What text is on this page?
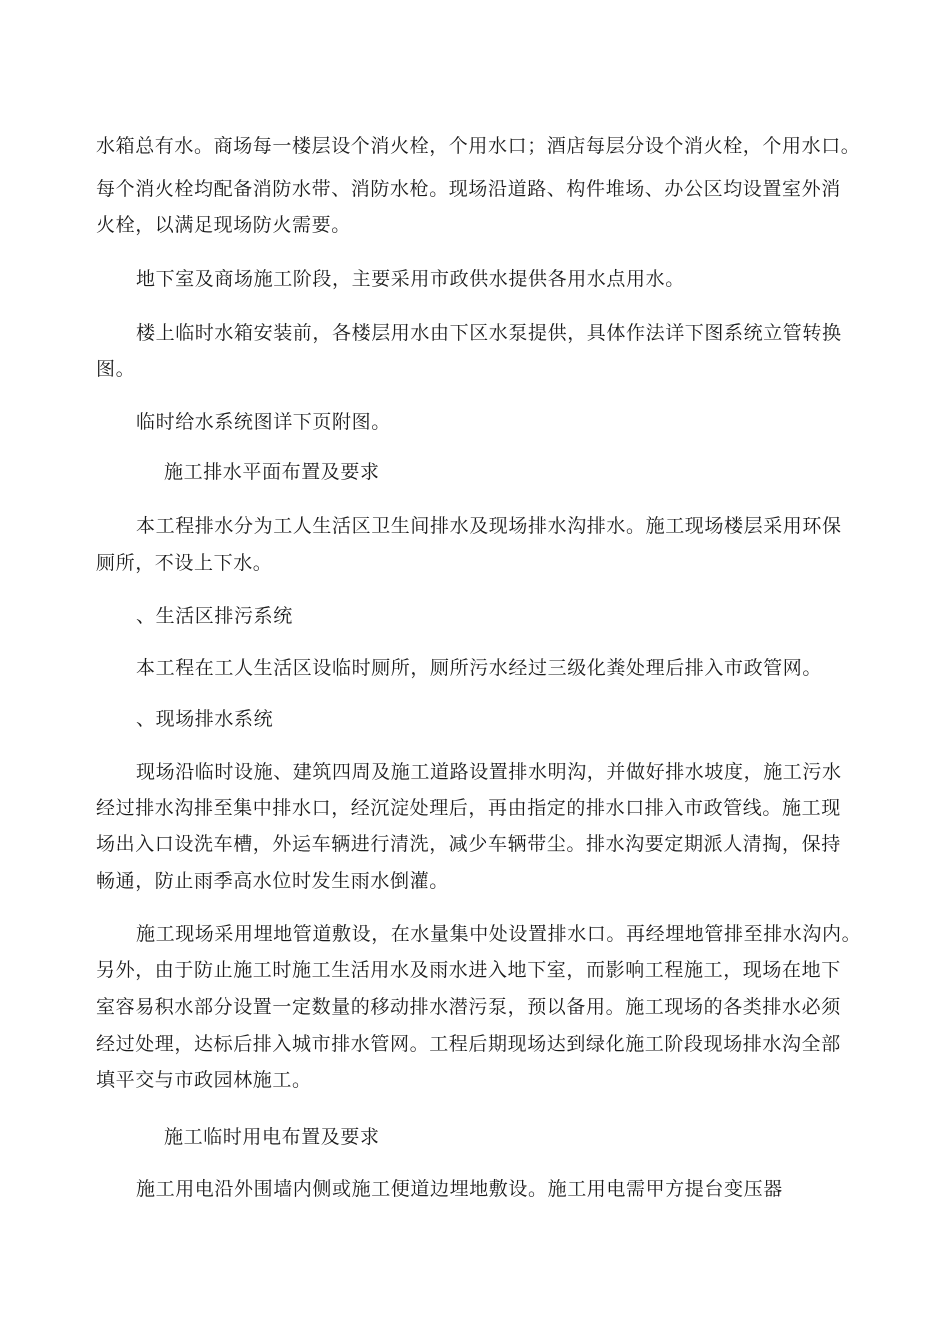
水箱总有水。商场每一楼层设个消火栓，个用水口；酒店每层分设个消火栓，个用水口。
每个消火栓均配备消防水带、消防水枪。现场沿道路、构件堆场、办公区均设置室外消
火栓，以满足现场防火需要。
地下室及商场施工阶段，主要采用市政供水提供各用水点用水。
楼上临时水箱安装前，各楼层用水由下区水泵提供，具体作法详下图系统立管转换
图。
临时给水系统图详下页附图。
施工排水平面布置及要求
本工程排水分为工人生活区卫生间排水及现场排水沟排水。施工现场楼层采用环保
厕所，不设上下水。
、生活区排污系统
本工程在工人生活区设临时厕所，厕所污水经过三级化粪处理后排入市政管网。
、现场排水系统
现场沿临时设施、建筑四周及施工道路设置排水明沟，并做好排水坡度，施工污水
经过排水沟排至集中排水口，经沉淀处理后，再由指定的排水口排入市政管线。施工现
场出入口设洗车槽，外运车辆进行清洗，减少车辆带尘。排水沟要定期派人清掏，保持
畅通，防止雨季高水位时发生雨水倒灌。
施工现场采用埋地管道敷设，在水量集中处设置排水口。再经埋地管排至排水沟内。
另外，由于防止施工时施工生活用水及雨水进入地下室，而影响工程施工，现场在地下
室容易积水部分设置一定数量的移动排水潜污泵，预以备用。施工现场的各类排水必须
经过处理，达标后排入城市排水管网。工程后期现场达到绿化施工阶段现场排水沟全部
填平交与市政园林施工。
施工临时用电布置及要求
施工用电沿外围墙内侧或施工便道边埋地敷设。施工用电需甲方提台变压器
